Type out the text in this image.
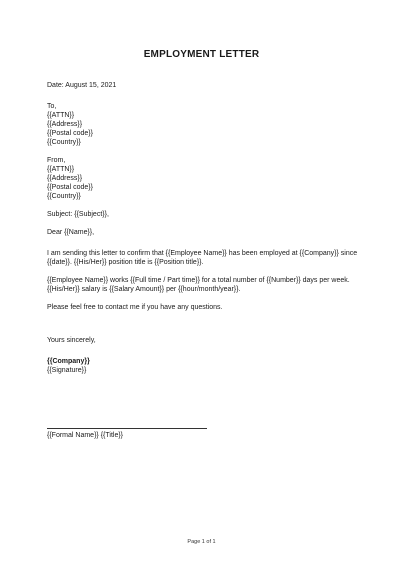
EMPLOYMENT LETTER
Date: August 15, 2021
To,
{{ATTN}}
{{Address}}
{{Postal code}}
{{Country}}
From,
{{ATTN}}
{{Address}}
{{Postal code}}
{{Country}}
Subject: {{Subject}},
Dear {{Name}},
I am sending this letter to confirm that {{Employee Name}} has been employed at {{Company}} since
{{date}}. {{His/Her}} position title is {{Position title}}.
{{Employee Name}} works {{Full time / Part time}} for a total number of {{Number}} days per week.
{{His/Her}} salary is {{Salary Amount}} per {{hour/month/year}}.
Please feel free to contact me if you have any questions.
Yours sincerely,
{{Company}}
{{Signature}}
{{Formal Name}} {{Title}}
Page 1 of 1
